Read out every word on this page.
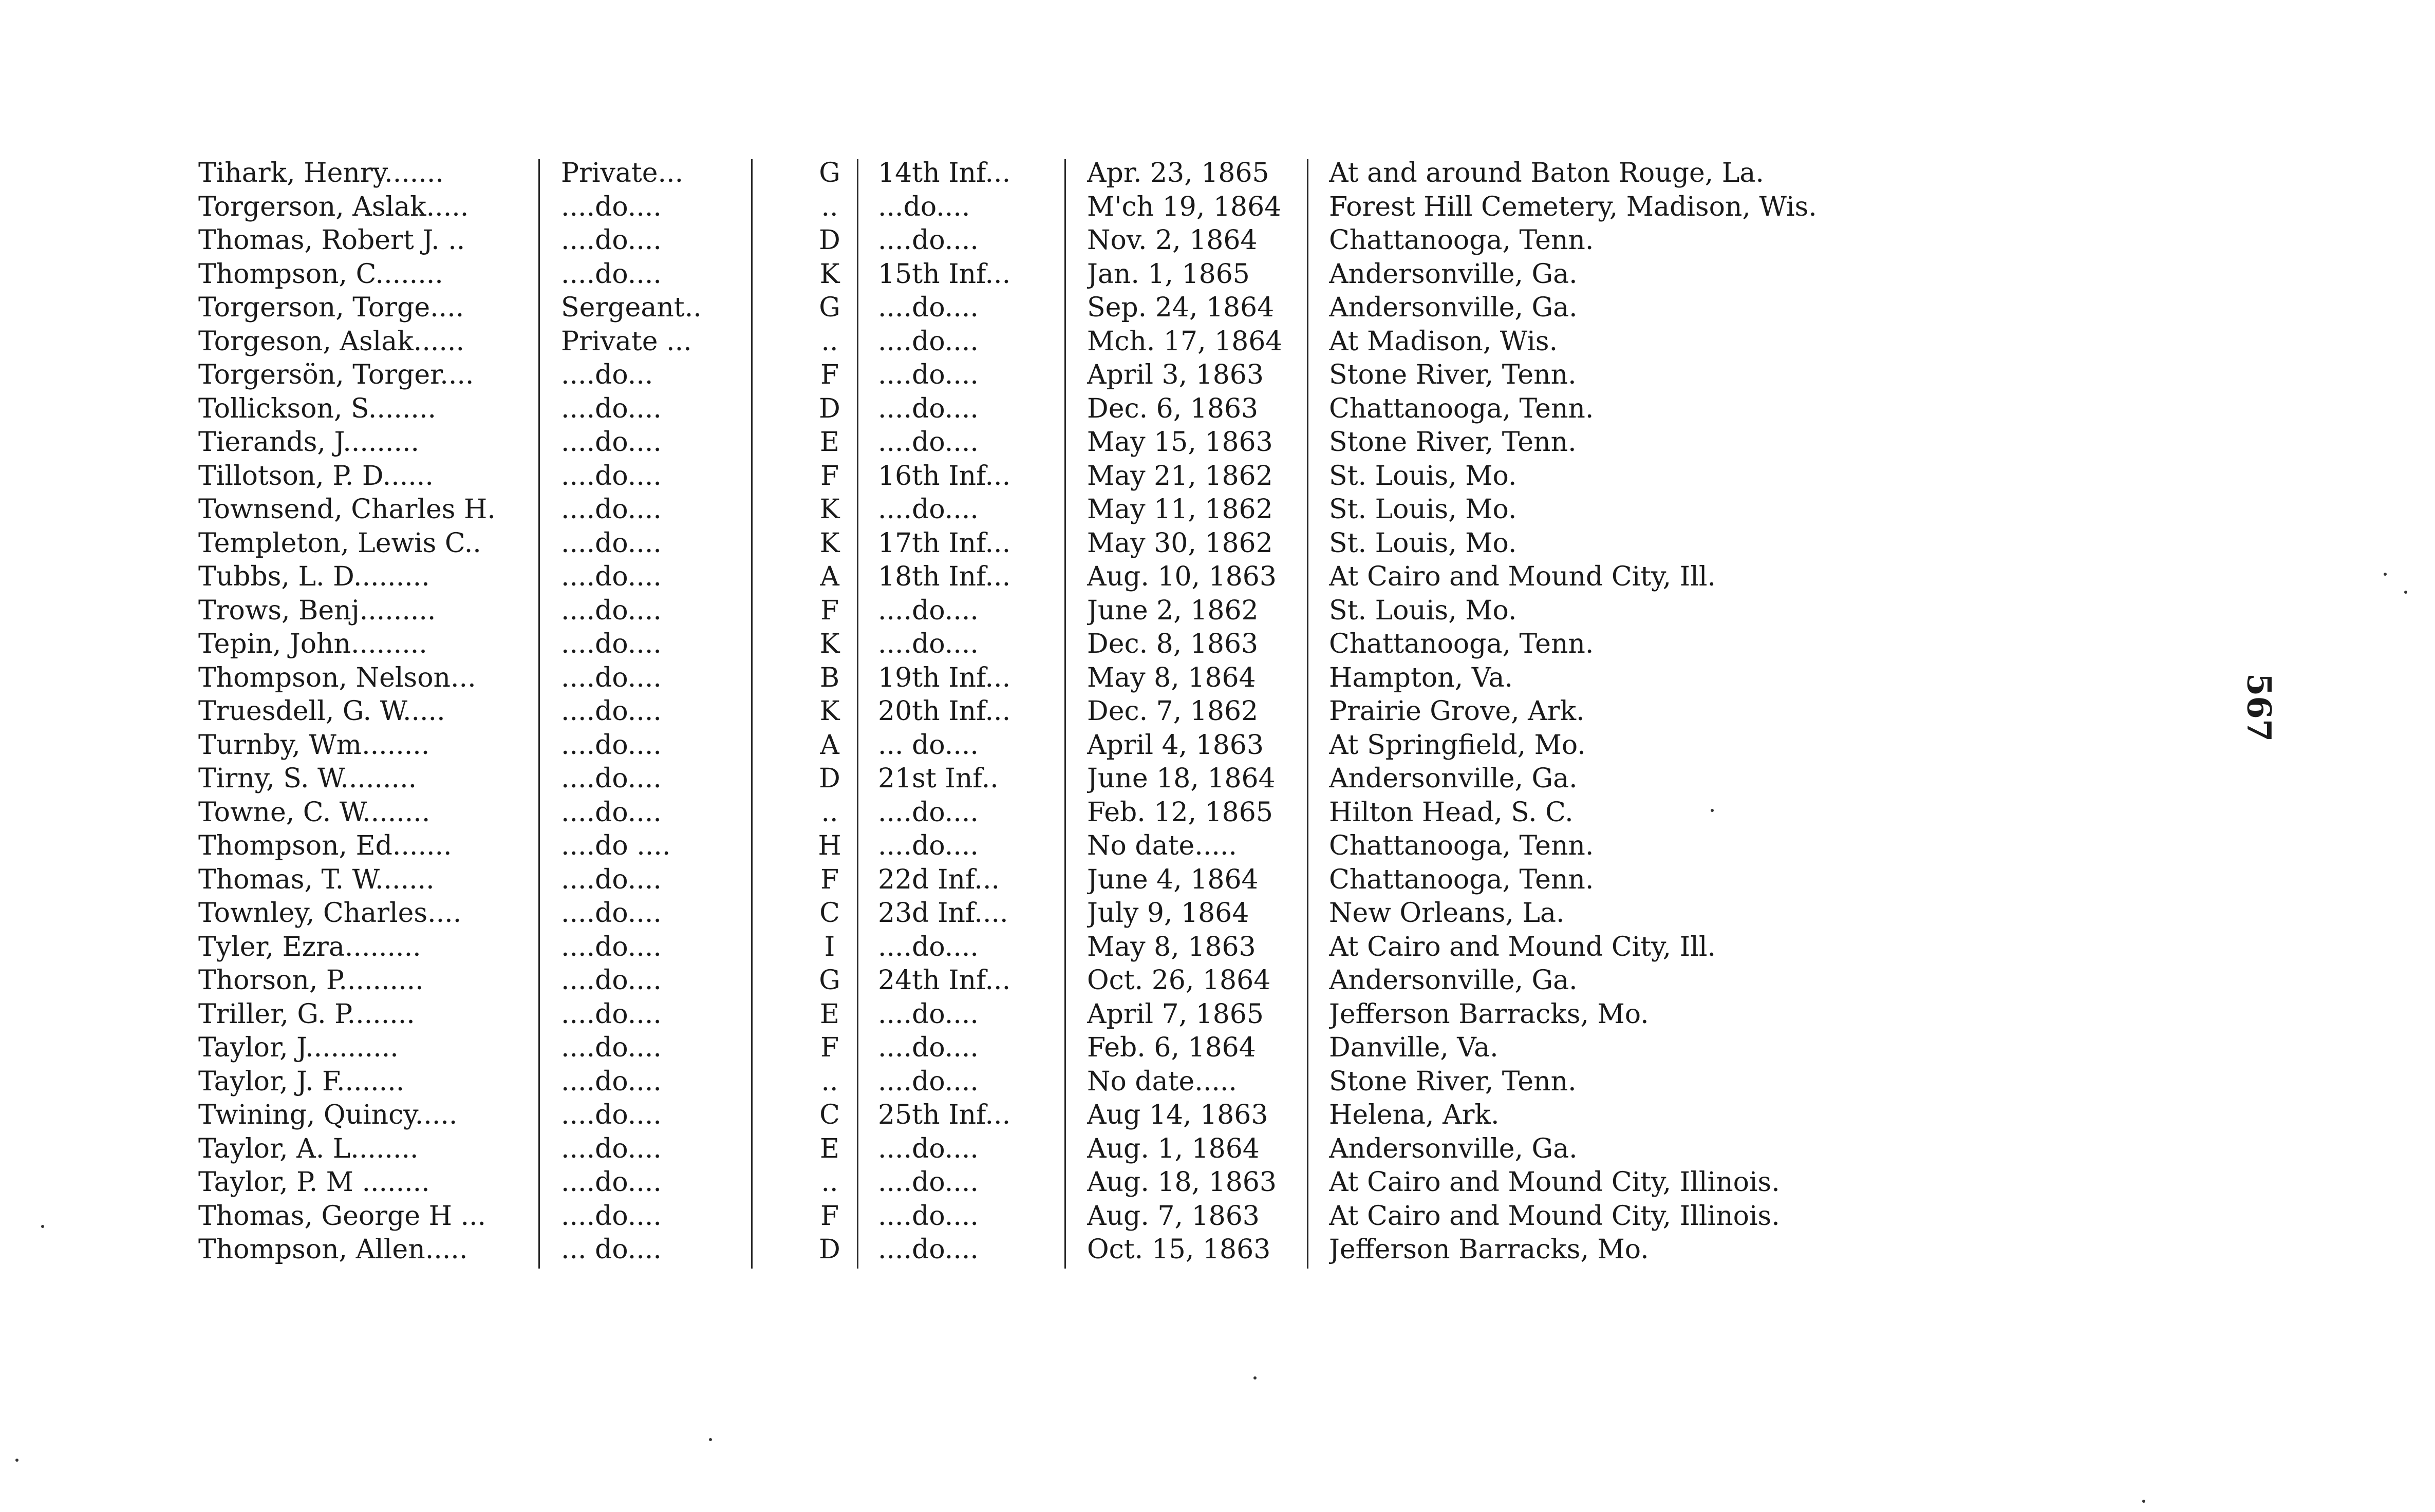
Tihark, Henry.......	Private...	G	14th Inf...	Apr. 23, 1865	At and around Baton Rouge, La.
Torgerson, Aslak.....	....do....	..	...do....	M'ch 19, 1864	Forest Hill Cemetery, Madison, Wis.
Thomas, Robert J. ..	....do....	D	....do....	Nov. 2, 1864	Chattanooga, Tenn.
Thompson, C........	....do....	K	15th Inf...	Jan. 1, 1865	Andersonville, Ga.
Torgerson, Torge....	Sergeant..	G	....do....	Sep. 24, 1864	Andersonville, Ga.
Torgeson, Aslak......	Private ...	..	....do....	Mch. 17, 1864	At Madison, Wis.
Torgersön, Torger....	....do...	F	....do....	April 3, 1863	Stone River, Tenn.
Tollickson, S........	....do....	D	....do....	Dec. 6, 1863	Chattanooga, Tenn.
Tierands, J.........	....do....	E	....do....	May 15, 1863	Stone River, Tenn.
Tillotson, P. D......	....do....	F	16th Inf...	May 21, 1862	St. Louis, Mo.
Townsend, Charles H.	....do....	K	....do....	May 11, 1862	St. Louis, Mo.
Templeton, Lewis C..	....do....	K	17th Inf...	May 30, 1862	St. Louis, Mo.
Tubbs, L. D.........	....do....	A	18th Inf...	Aug. 10, 1863	At Cairo and Mound City, Ill.
Trows, Benj.........	....do....	F	....do....	June 2, 1862	St. Louis, Mo.
Tepin, John.........	....do....	K	....do....	Dec. 8, 1863	Chattanooga, Tenn.
Thompson, Nelson...	....do....	B	19th Inf...	May 8, 1864	Hampton, Va.
Truesdell, G. W.....	....do....	K	20th Inf...	Dec. 7, 1862	Prairie Grove, Ark.
Turnby, Wm........	....do....	A	... do....	April 4, 1863	At Springfield, Mo.
Tirny, S. W.........	....do....	D	21st Inf..	June 18, 1864	Andersonville, Ga.
Towne, C. W........	....do....	..	....do....	Feb. 12, 1865	Hilton Head, S. C.
Thompson, Ed.......	....do ....	H	....do....	No date.....	Chattanooga, Tenn.
Thomas, T. W.......	....do....	F	22d Inf...	June 4, 1864	Chattanooga, Tenn.
Townley, Charles....	....do....	C	23d Inf....	July 9, 1864	New Orleans, La.
Tyler, Ezra.........	....do....	I	....do....	May 8, 1863	At Cairo and Mound City, Ill.
Thorson, P..........	....do....	G	24th Inf...	Oct. 26, 1864	Andersonville, Ga.
Triller, G. P........	....do....	E	....do....	April 7, 1865	Jefferson Barracks, Mo.
Taylor, J...........	....do....	F	....do....	Feb. 6, 1864	Danville, Va.
Taylor, J. F........	....do....	..	....do....	No date.....	Stone River, Tenn.
Twining, Quincy.....	....do....	C	25th Inf...	Aug 14, 1863	Helena, Ark.
Taylor, A. L........	....do....	E	....do....	Aug. 1, 1864	Andersonville, Ga.
Taylor, P. M ........	....do....	..	....do....	Aug. 18, 1863	At Cairo and Mound City, Illinois.
Thomas, George H ...	....do....	F	....do....	Aug. 7, 1863	At Cairo and Mound City, Illinois.
Thompson, Allen.....	... do....	D	....do....	Oct. 15, 1863	Jefferson Barracks, Mo.
567
